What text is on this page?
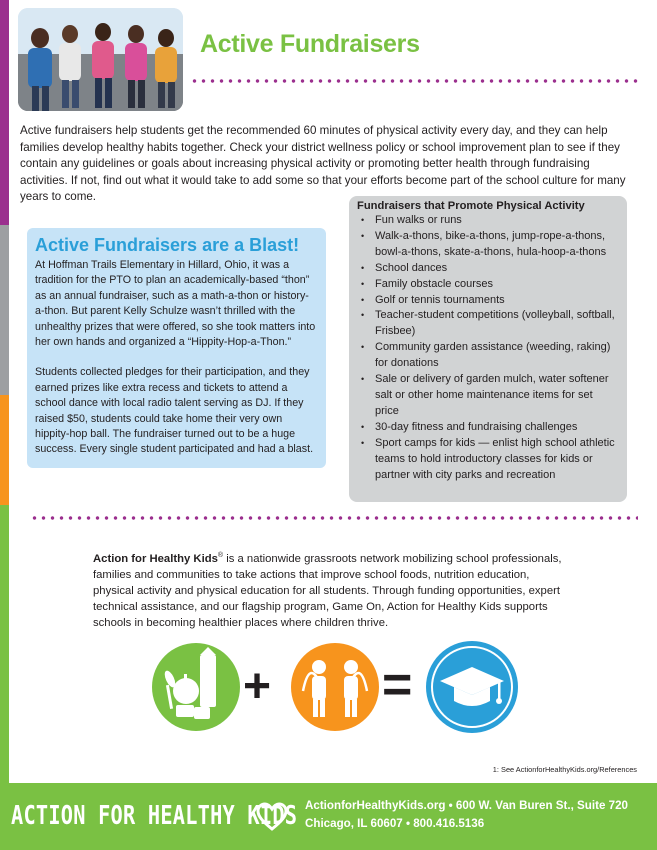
Active Fundraisers

Active fundraisers help students get the recommended 60 minutes of physical activity every day, and they can help families develop healthy habits together. Check your district wellness policy or school improvement plan to see if they contain any guidelines or goals about increasing physical activity or promoting better health through fundraising activities. If not, find out what it would take to add some so that your efforts become part of the school culture for many years to come.

Active Fundraisers are a Blast!

At Hoffman Trails Elementary in Hillard, Ohio, it was a tradition for the PTO to plan an academically-based “thon” as an annual fundraiser, such as a math-a-thon or history-a-thon. But parent Kelly Schulze wasn’t thrilled with the unhealthy prizes that were offered, so she took matters into her own hands and organized a “Hippity-Hop-a-Thon.”

Students collected pledges for their participation, and they earned prizes like extra recess and tickets to attend a school dance with local radio talent serving as DJ. If they raised $50, students could take home their very own hippity-hop ball. The fundraiser turned out to be a huge success. Every single student participated and had a blast.

Fundraisers that Promote Physical Activity
• Fun walks or runs
• Walk-a-thons, bike-a-thons, jump-rope-a-thons, bowl-a-thons, skate-a-thons, hula-hoop-a-thons
• School dances
• Family obstacle courses
• Golf or tennis tournaments
• Teacher-student competitions (volleyball, softball, Frisbee)
• Community garden assistance (weeding, raking) for donations
• Sale or delivery of garden mulch, water softener salt or other home maintenance items for set price
• 30-day fitness and fundraising challenges
• Sport camps for kids — enlist high school athletic teams to hold introductory classes for kids or partner with city parks and recreation

Action for Healthy Kids® is a nationwide grassroots network mobilizing school professionals, families and communities to take actions that improve school foods, nutrition education, physical activity and physical education for all students. Through funding opportunities, expert technical assistance, and our flagship program, Game On, Action for Healthy Kids supports schools in becoming healthier places where children thrive.

+ =
1: See ActionforHealthyKids.org/References
ACTION FOR HEALTHY KIDS ActionforHealthyKids.org • 600 W. Van Buren St., Suite 720
Chicago, IL 60607 • 800.416.5136
